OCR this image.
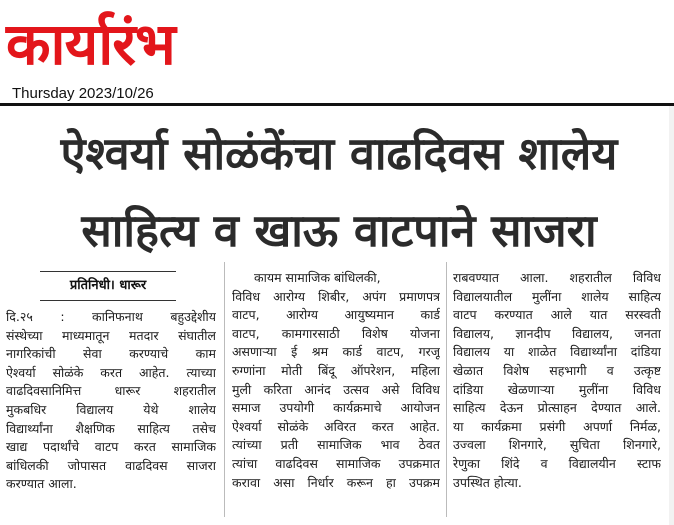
कार्यारंभ
Thursday 2023/10/26
ऐश्वर्या सोळंकेंचा वाढदिवस शालेय
साहित्य व खाऊ वाटपाने साजरा
प्रतिनिधी। धारूर
दि.२५ : कानिफनाथ बहुउद्देशीय
संस्थेच्या माध्यमातून मतदार संघातील
नागरिकांची सेवा करण्याचे काम
ऐश्वर्या सोळंके करत आहेत. त्याच्या
वाढदिवसानिमित्त धारूर शहरातील
मुकबधिर विद्यालय येथे शालेय
विद्यार्थ्यांना शैक्षणिक साहित्य तसेच
खाद्य पदार्थांचे वाटप करत सामाजिक
बांधिलकी जोपासत वाढदिवस साजरा
करण्यात आला.
कायम सामाजिक बांधिलकी,
विविध आरोग्य शिबीर, अपंग प्रमाणपत्र
वाटप, आरोग्य आयुष्यमान कार्ड
वाटप, कामगारसाठी विशेष योजना
असणाऱ्या ई श्रम कार्ड वाटप, गरजू
रुग्णांना मोती बिंदू ऑपरेशन, महिला
मुली करिता आनंद उत्सव असे विविध
समाज उपयोगी कार्यक्रमाचे आयोजन
ऐश्वर्या सोळंके अविरत करत आहेत.
त्यांच्या प्रती सामाजिक भाव ठेवत
त्यांचा वाढदिवस सामाजिक उपक्रमात
करावा असा निर्धार करून हा उपक्रम
राबवण्यात आला. शहरातील विविध
विद्यालयातील मुलींना शालेय साहित्य
वाटप करण्यात आले यात सरस्वती
विद्यालय, ज्ञानदीप विद्यालय, जनता
विद्यालय या शाळेत विद्यार्थ्यांना दांडिया
खेळात विशेष सहभागी व उत्कृष्ट
दांडिया खेळणाऱ्या मुलींना विविध
साहित्य देऊन प्रोत्साहन देण्यात आले.
या कार्यक्रमा प्रसंगी अपर्णा निर्मळ,
उज्वला शिनगारे, सुचिता शिनगारे,
रेणुका शिंदे व विद्यालयीन स्टाफ
उपस्थित होत्या.
